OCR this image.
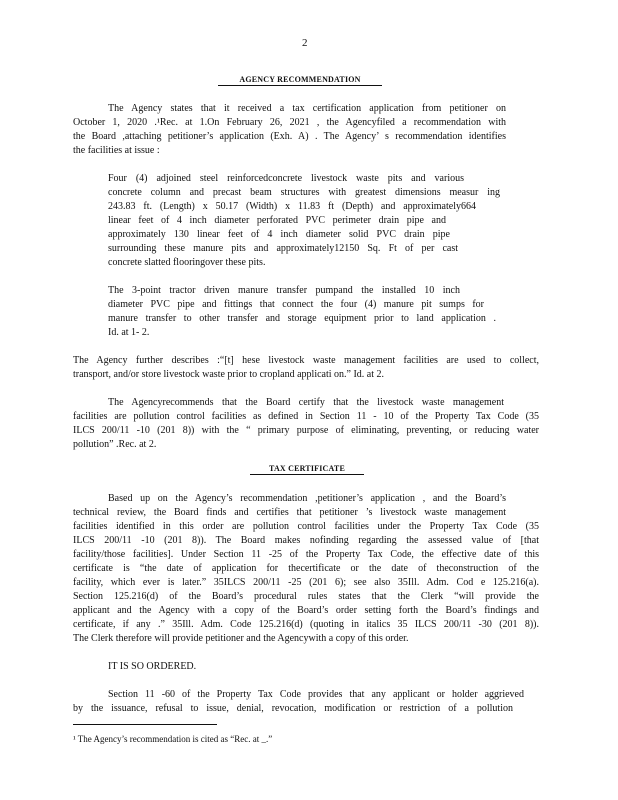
2
AGENCY RECOMMENDATION
The Agency states that it received a tax certification application from petitioner on
October 1, 2020 .¹Rec. at 1.On February 26, 2021 , the Agencyfiled a recommendation with
the Board ,attaching petitioner’s application (Exh. A) . The Agency’ s recommendation identifies
the facilities at issue :
Four (4) adjoined steel reinforcedconcrete livestock waste pits and various
concrete column and precast beam structures with greatest dimensions measur ing
243.83 ft. (Length) x 50.17 (Width) x 11.83 ft (Depth) and approximately664
linear feet of 4 inch diameter perforated PVC perimeter drain pipe and
approximately 130 linear feet of 4 inch diameter solid PVC drain pipe
surrounding these manure pits and approximately12150 Sq. Ft of per cast
concrete slatted flooringover these pits.
The 3-point tractor driven manure transfer pumpand the installed 10 inch
diameter PVC pipe and fittings that connect the four (4) manure pit sumps for
manure transfer to other transfer and storage equipment prior to land application .
Id. at 1- 2.
The Agency further describes :“[t] hese livestock waste management facilities are used to collect,
transport, and/or store livestock waste prior to cropland applicati on.” Id. at 2.
The Agencyrecommends that the Board certify that the livestock waste management
facilities are pollution control facilities as defined in Section 11 - 10 of the Property Tax Code (35
ILCS 200/11 -10 (201 8)) with the “ primary purpose of eliminating, preventing, or reducing water
pollution” .Rec. at 2.
TAX CERTIFICATE
Based up on the Agency’s recommendation ,petitioner’s application , and the Board’s
technical review, the Board finds and certifies that petitioner ’s livestock waste management
facilities identified in this order are pollution control facilities under the Property Tax Code (35
ILCS 200/11 -10 (201 8)). The Board makes nofinding regarding the assessed value of [that
facility/those facilities]. Under Section 11 -25 of the Property Tax Code, the effective date of this
certificate is “the date of application for thecertificate or the date of theconstruction of the
facility, which ever is later.” 35ILCS 200/11 -25 (201 6); see also 35Ill. Adm. Cod e 125.216(a).
Section 125.216(d) of the Board’s procedural rules states that the Clerk “will provide the
applicant and the Agency with a copy of the Board’s order setting forth the Board’s findings and
certificate, if any .” 35Ill. Adm. Code 125.216(d) (quoting in italics 35 ILCS 200/11 -30 (201 8)).
The Clerk therefore will provide petitioner and the Agencywith a copy of this order.
IT IS SO ORDERED.
Section 11 -60 of the Property Tax Code provides that any applicant or holder aggrieved
by the issuance, refusal to issue, denial, revocation, modification or restriction of a pollution
¹ The Agency’s recommendation is cited as “Rec. at _.”
